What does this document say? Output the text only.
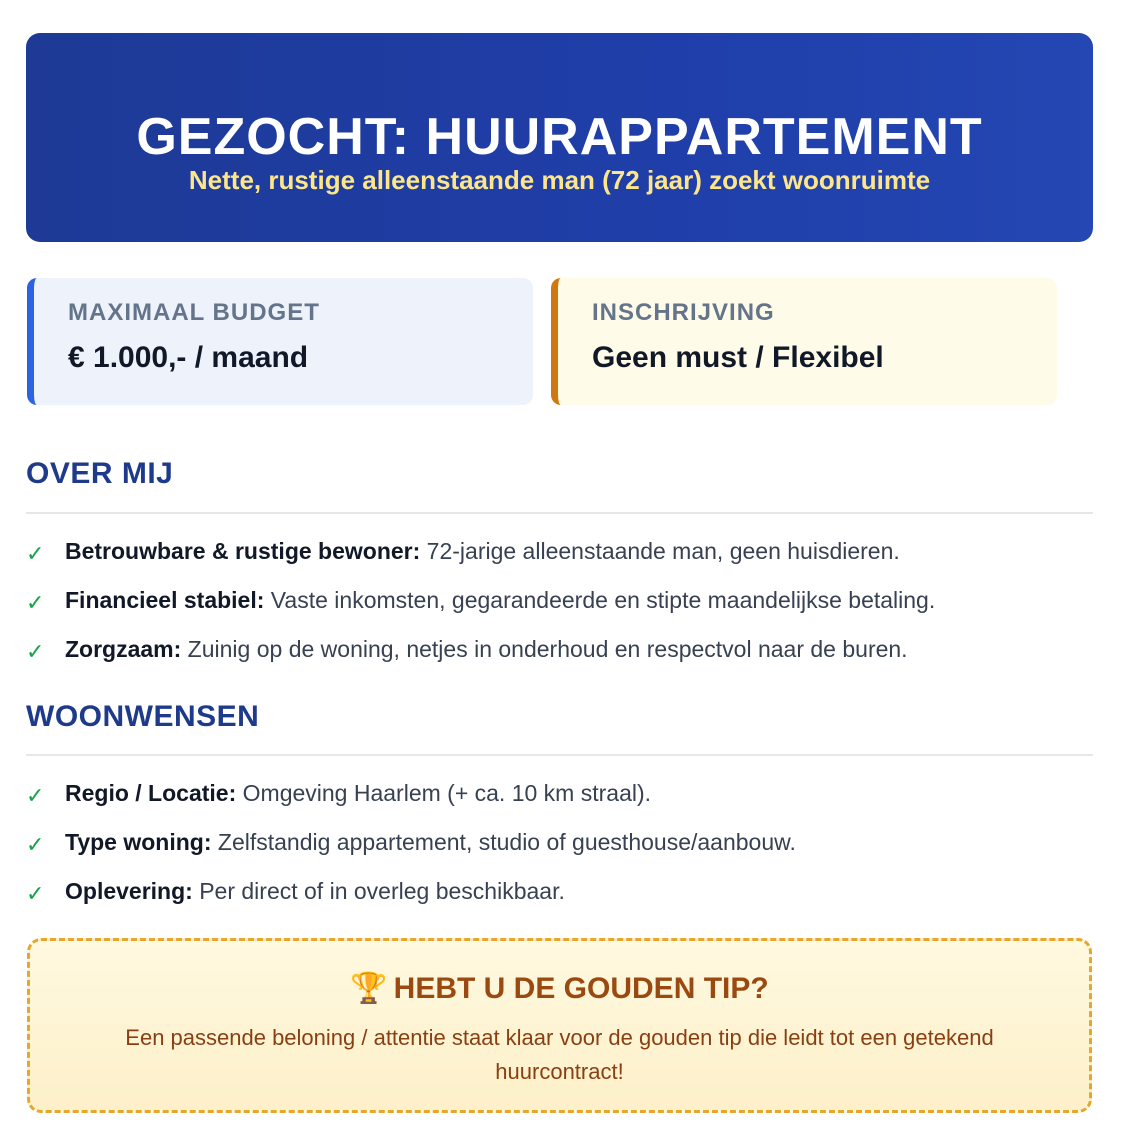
GEZOCHT: HUURAPPARTEMENT
Nette, rustige alleenstaande man (72 jaar) zoekt woonruimte
MAXIMAAL BUDGET
€ 1.000,- / maand
INSCHRIJVING
Geen must / Flexibel
OVER MIJ
✓ Betrouwbare & rustige bewoner: 72-jarige alleenstaande man, geen huisdieren.
✓ Financieel stabiel: Vaste inkomsten, gegarandeerde en stipte maandelijkse betaling.
✓ Zorgzaam: Zuinig op de woning, netjes in onderhoud en respectvol naar de buren.
WOONWENSEN
✓ Regio / Locatie: Omgeving Haarlem (+ ca. 10 km straal).
✓ Type woning: Zelfstandig appartement, studio of guesthouse/aanbouw.
✓ Oplevering: Per direct of in overleg beschikbaar.
🏆 HEBT U DE GOUDEN TIP?
Een passende beloning / attentie staat klaar voor de gouden tip die leidt tot een getekend huurcontract!
